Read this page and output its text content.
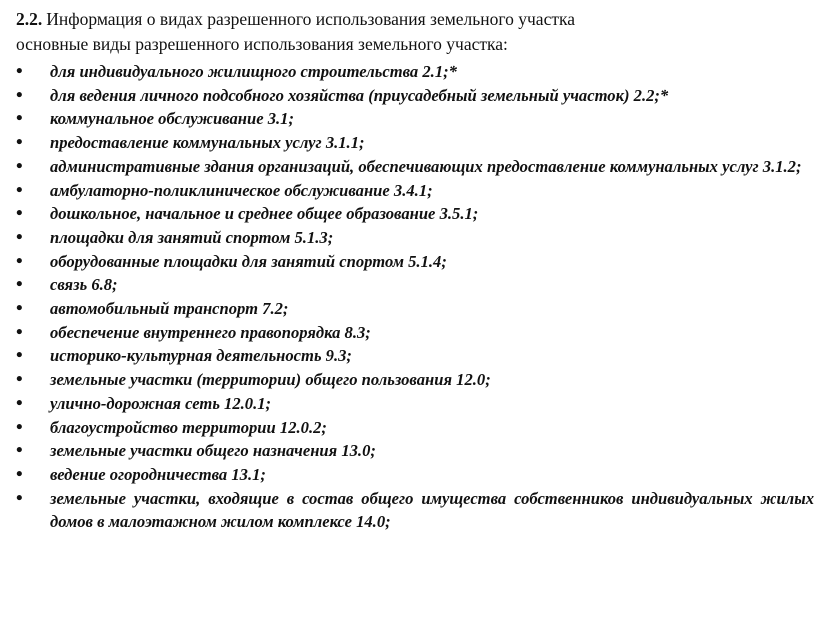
2.2. Информация о видах разрешенного использования земельного участка

основные виды разрешенного использования земельного участка:

•	для индивидуального жилищного строительства 2.1;*
•	для ведения личного подсобного хозяйства (приусадебный земельный участок) 2.2;*
•	коммунальное обслуживание 3.1;
•	предоставление коммунальных услуг 3.1.1;
•	административные здания организаций, обеспечивающих предоставление коммунальных услуг 3.1.2;
•	амбулаторно-поликлиническое обслуживание 3.4.1;
•	дошкольное, начальное и среднее общее образование 3.5.1;
•	площадки для занятий спортом 5.1.3;
•	оборудованные площадки для занятий спортом 5.1.4;
•	связь 6.8;
•	автомобильный транспорт 7.2;
•	обеспечение внутреннего правопорядка 8.3;
•	историко-культурная деятельность 9.3;
•	земельные участки (территории) общего пользования 12.0;
•	улично-дорожная сеть 12.0.1;
•	благоустройство территории 12.0.2;
•	земельные участки общего назначения 13.0;
•	ведение огородничества 13.1;
•	земельные участки, входящие в состав общего имущества собственников индивидуальных жилых домов в малоэтажном жилом комплексе 14.0;
